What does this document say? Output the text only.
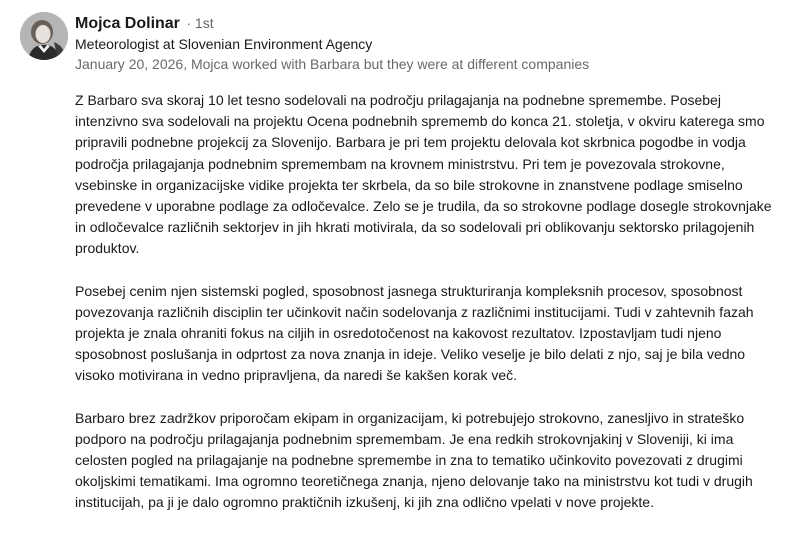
Mojca Dolinar · 1st
Meteorologist at Slovenian Environment Agency
January 20, 2026, Mojca worked with Barbara but they were at different companies

Z Barbaro sva skoraj 10 let tesno sodelovali na področju prilagajanja na podnebne spremembe. Posebej intenzivno sva sodelovali na projektu Ocena podnebnih sprememb do konca 21. stoletja, v okviru katerega smo pripravili podnebne projekcij za Slovenijo. Barbara je pri tem projektu delovala kot skrbnica pogodbe in vodja področja prilagajanja podnebnim spremembam na krovnem ministrstvu. Pri tem je povezovala strokovne, vsebinske in organizacijske vidike projekta ter skrbela, da so bile strokovne in znanstvene podlage smiselno prevedene v uporabne podlage za odločevalce. Zelo se je trudila, da so strokovne podlage dosegle strokovnjake in odločevalce različnih sektorjev in jih hkrati motivirala, da so sodelovali pri oblikovanju sektorsko prilagojenih produktov.

Posebej cenim njen sistemski pogled, sposobnost jasnega strukturiranja kompleksnih procesov, sposobnost povezovanja različnih disciplin ter učinkovit način sodelovanja z različnimi institucijami. Tudi v zahtevnih fazah projekta je znala ohraniti fokus na ciljih in osredotočenost na kakovost rezultatov. Izpostavljam tudi njeno sposobnost poslušanja in odprtost za nova znanja in ideje. Veliko veselje je bilo delati z njo, saj je bila vedno visoko motivirana in vedno pripravljena, da naredi še kakšen korak več.

Barbaro brez zadržkov priporočam ekipam in organizacijam, ki potrebujejo strokovno, zanesljivo in strateško podporo na področju prilagajanja podnebnim spremembam. Je ena redkih strokovnjakinj v Sloveniji, ki ima celosten pogled na prilagajanje na podnebne spremembe in zna to tematiko učinkovito povezovati z drugimi okoljskimi tematikami. Ima ogromno teoretičnega znanja, njeno delovanje tako na ministrstvu kot tudi v drugih institucijah, pa ji je dalo ogromno praktičnih izkušenj, ki jih zna odlično vpelati v nove projekte.
